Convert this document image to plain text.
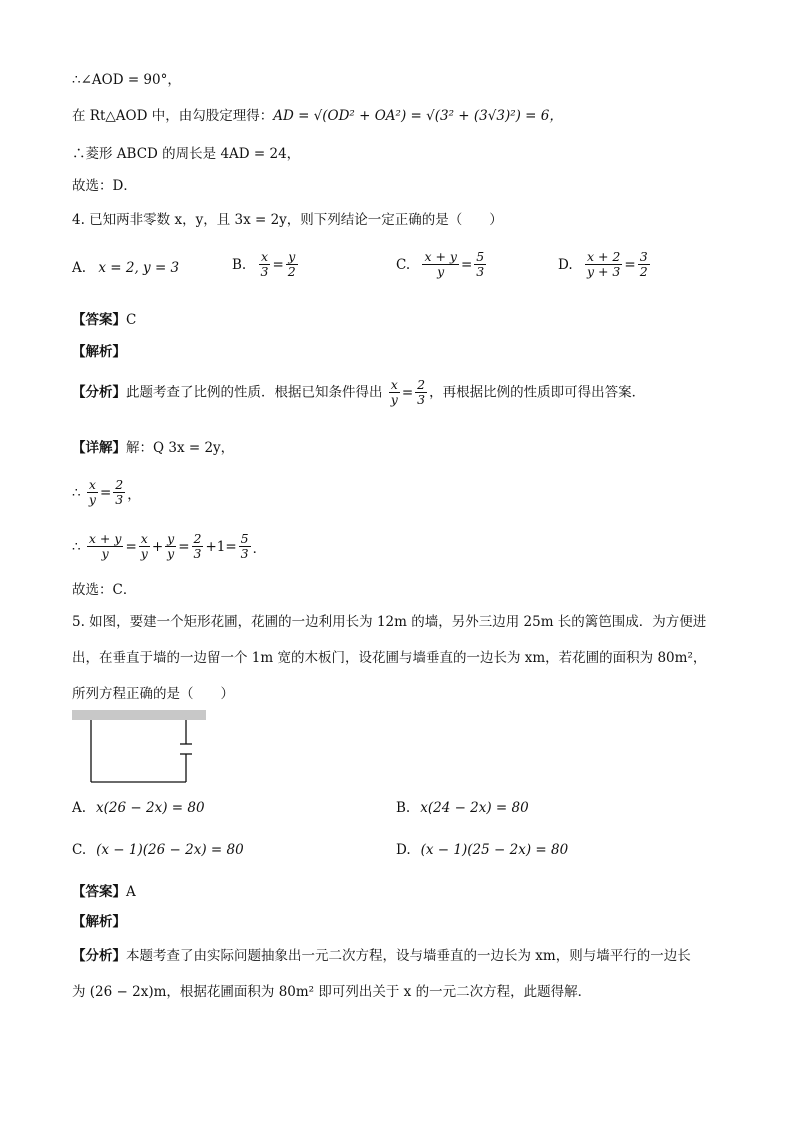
∴∠AOD = 90°，
在 Rt△AOD 中，由勾股定理得：AD = √(OD² + OA²) = √(3² + (3√3)²) = 6，
∴菱形 ABCD 的周长是 4AD = 24，
故选：D．
4. 已知两非零数 x，y，且 3x = 2y，则下列结论一定正确的是（　　）
A. x = 2, y = 3	B. $\frac{x}{3} = \frac{y}{2}$	C. $\frac{x + y}{y} = \frac{5}{3}$	D. $\frac{x + 2}{y + 3} = \frac{3}{2}$
【答案】C
【解析】
【分析】此题考查了比例的性质．根据已知条件得出 $\frac{x}{y} = \frac{2}{3}$ ，再根据比例的性质即可得出答案．
【详解】解：Q 3x = 2y，
∴ $\frac{x}{y} = \frac{2}{3}$ ，
∴ $\frac{x + y}{y} = \frac{x}{y} + \frac{y}{y} = \frac{2}{3} +1= \frac{5}{3}$ ．
故选：C．
5. 如图，要建一个矩形花圃，花圃的一边利用长为 12m 的墙，另外三边用 25m 长的篱笆围成．为方便进
出，在垂直于墙的一边留一个 1m 宽的木板门，设花圃与墙垂直的一边长为 xm，若花圃的面积为 80m²，
所列方程正确的是（　　）
A. x(26 − 2x) = 80	B. x(24 − 2x) = 80
C. (x − 1)(26 − 2x) = 80	D. (x − 1)(25 − 2x) = 80
【答案】A
【解析】
【分析】本题考查了由实际问题抽象出一元二次方程，设与墙垂直的一边长为 xm，则与墙平行的一边长
为 (26 − 2x)m，根据花圃面积为 80m² 即可列出关于 x 的一元二次方程，此题得解．
